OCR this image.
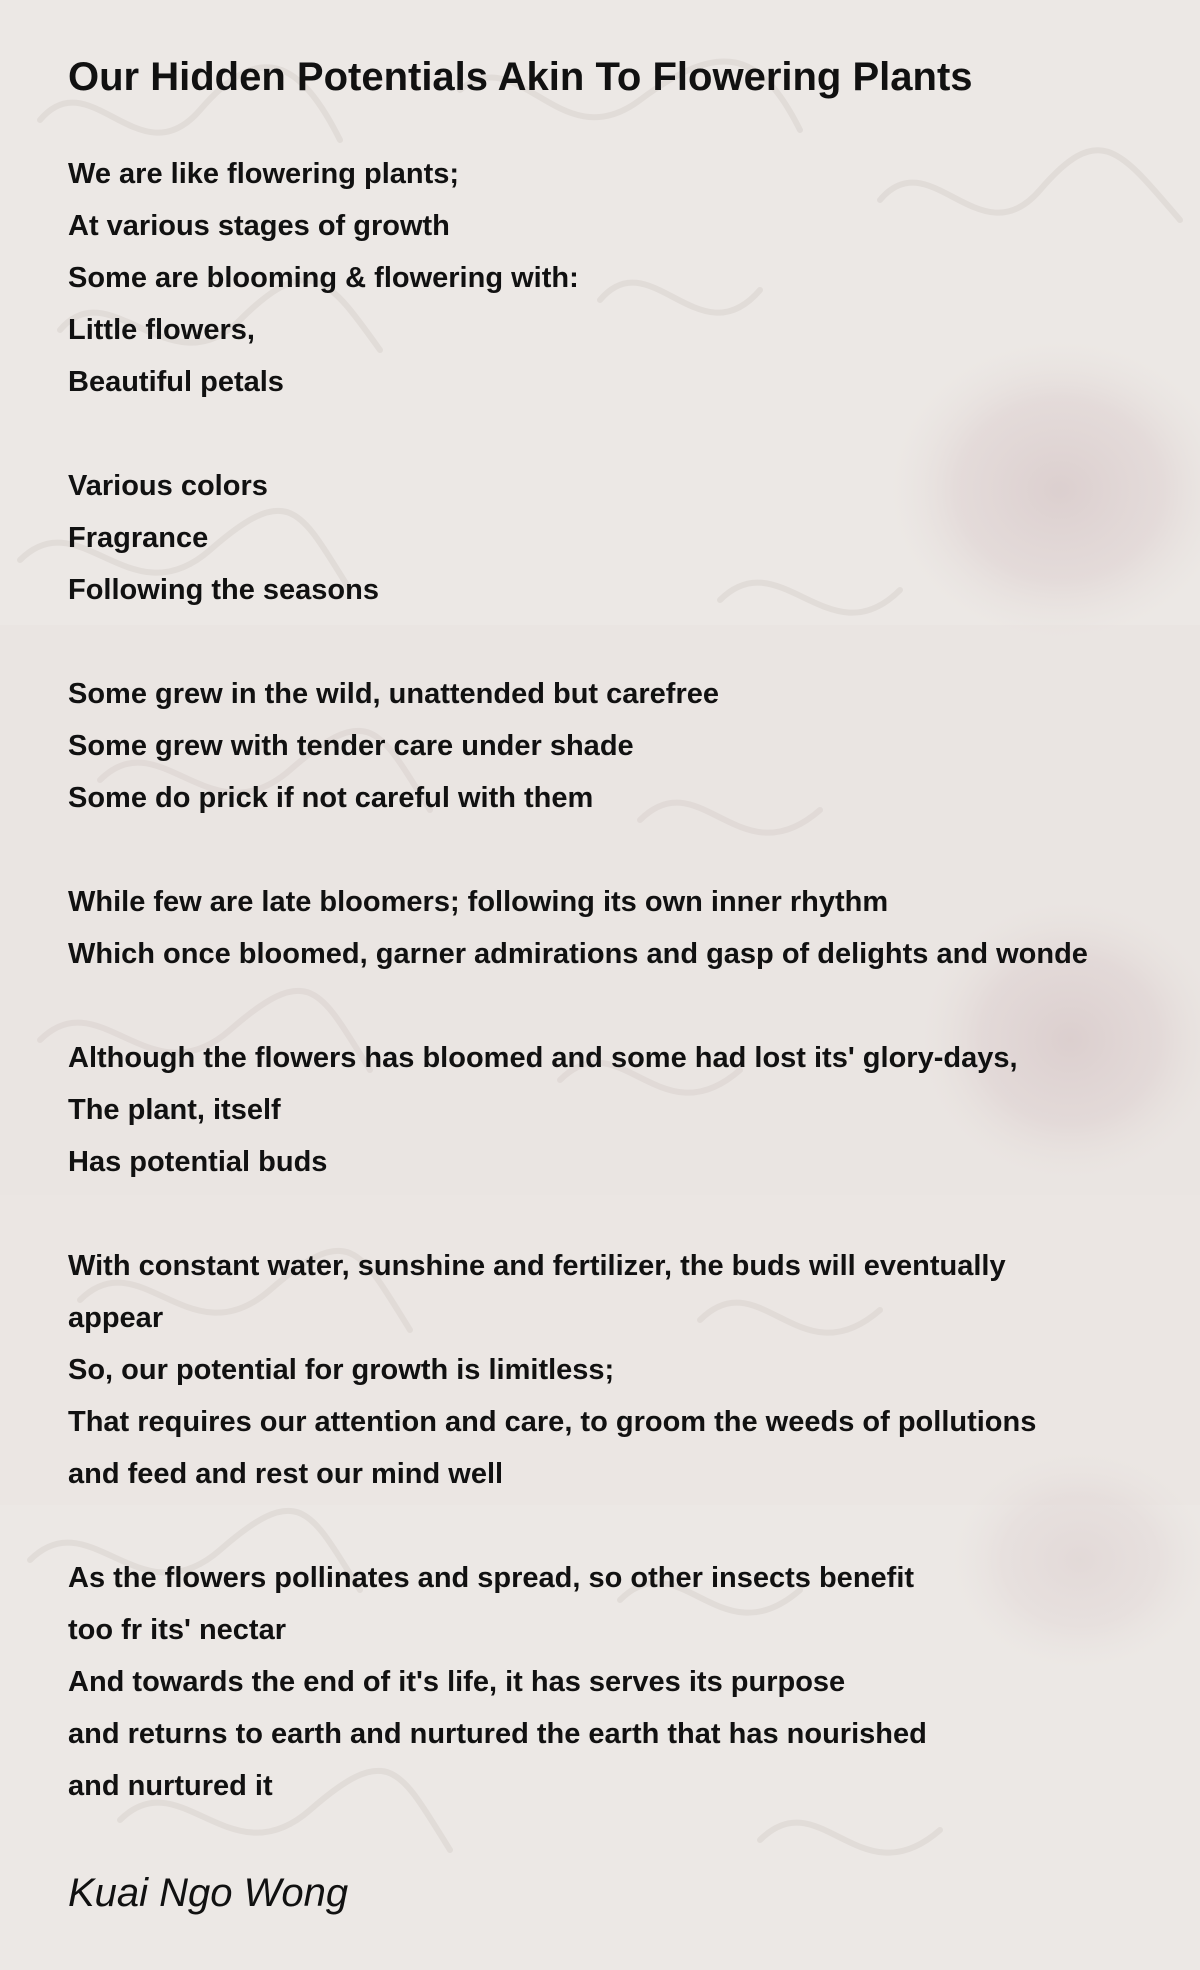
Our Hidden Potentials Akin To Flowering Plants
We are like flowering plants;
At various stages of growth
Some are blooming & flowering with:
Little flowers,
Beautiful petals
Various colors
Fragrance
Following the seasons
Some grew in the wild, unattended but carefree
Some grew with tender care under shade
Some do prick if not careful with them
While few are late bloomers; following its own inner rhythm
Which once bloomed, garner admirations and gasp of delights and wonde
Although the flowers has bloomed and some had lost its' glory-days,
The plant, itself
Has potential buds
With constant water, sunshine and fertilizer, the buds will eventually
appear
So, our potential for growth is limitless;
That requires our attention and care, to groom the weeds of pollutions
and feed and rest our mind well
As the flowers pollinates and spread, so other insects benefit
too fr its' nectar
And towards the end of it's life, it has serves its purpose
and returns to earth and nurtured the earth that has nourished
and nurtured it

Kuai Ngo Wong
